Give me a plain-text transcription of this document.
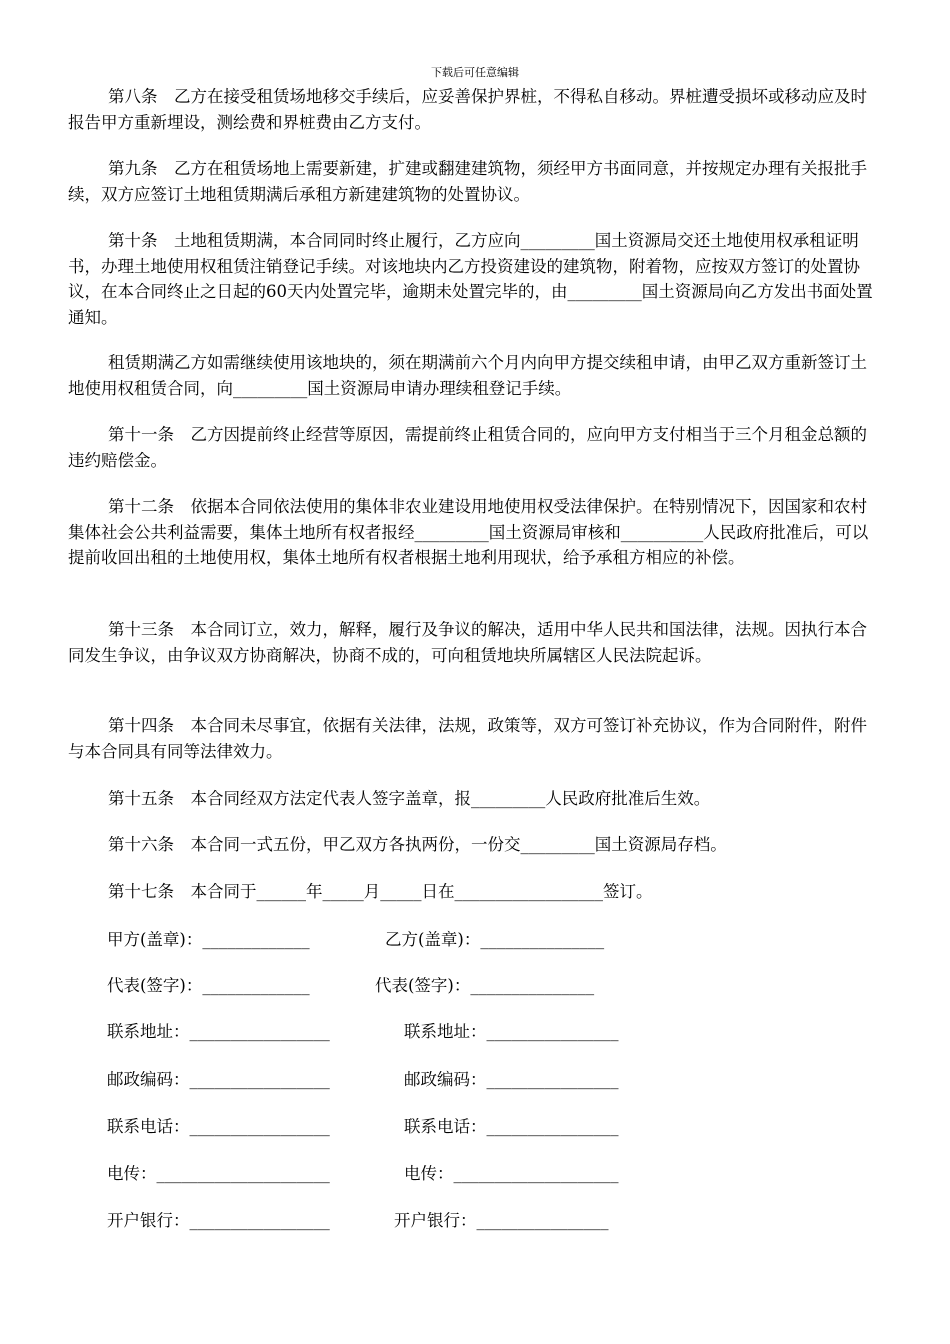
下载后可任意编辑

第八条　乙方在接受租赁场地移交手续后，应妥善保护界桩，不得私自移动。界桩遭受损坏或移动应及时报告甲方重新埋设，测绘费和界桩费由乙方支付。

第九条　乙方在租赁场地上需要新建，扩建或翻建建筑物，须经甲方书面同意，并按规定办理有关报批手续，双方应签订土地租赁期满后承租方新建建筑物的处置协议。

第十条　土地租赁期满，本合同同时终止履行，乙方应向_________国土资源局交还土地使用权承租证明书，办理土地使用权租赁注销登记手续。对该地块内乙方投资建设的建筑物，附着物，应按双方签订的处置协议，在本合同终止之日起的60天内处置完毕，逾期未处置完毕的，由_________国土资源局向乙方发出书面处置通知。

租赁期满乙方如需继续使用该地块的，须在期满前六个月内向甲方提交续租申请，由甲乙双方重新签订土地使用权租赁合同，向_________国土资源局申请办理续租登记手续。

第十一条　乙方因提前终止经营等原因，需提前终止租赁合同的，应向甲方支付相当于三个月租金总额的违约赔偿金。

第十二条　依据本合同依法使用的集体非农业建设用地使用权受法律保护。在特别情况下，因国家和农村集体社会公共利益需要，集体土地所有权者报经_________国土资源局审核和__________人民政府批准后，可以提前收回出租的土地使用权，集体土地所有权者根据土地利用现状，给予承租方相应的补偿。

第十三条　本合同订立，效力，解释，履行及争议的解决，适用中华人民共和国法律，法规。因执行本合同发生争议，由争议双方协商解决，协商不成的，可向租赁地块所属辖区人民法院起诉。

第十四条　本合同未尽事宜，依据有关法律，法规，政策等，双方可签订补充协议，作为合同附件，附件与本合同具有同等法律效力。

第十五条　本合同经双方法定代表人签字盖章，报_________人民政府批准后生效。

第十六条　本合同一式五份，甲乙双方各执两份，一份交_________国土资源局存档。

第十七条　本合同于______年_____月_____日在__________________签订。

甲方(盖章)：_____________	乙方(盖章)：_______________
代表(签字)：_____________	代表(签字)：_______________
联系地址：_________________	联系地址：________________
邮政编码：_________________	邮政编码：________________
联系电话：_________________	联系电话：________________
电传：_____________________	电传：____________________
开户银行：_________________	开户银行：________________
